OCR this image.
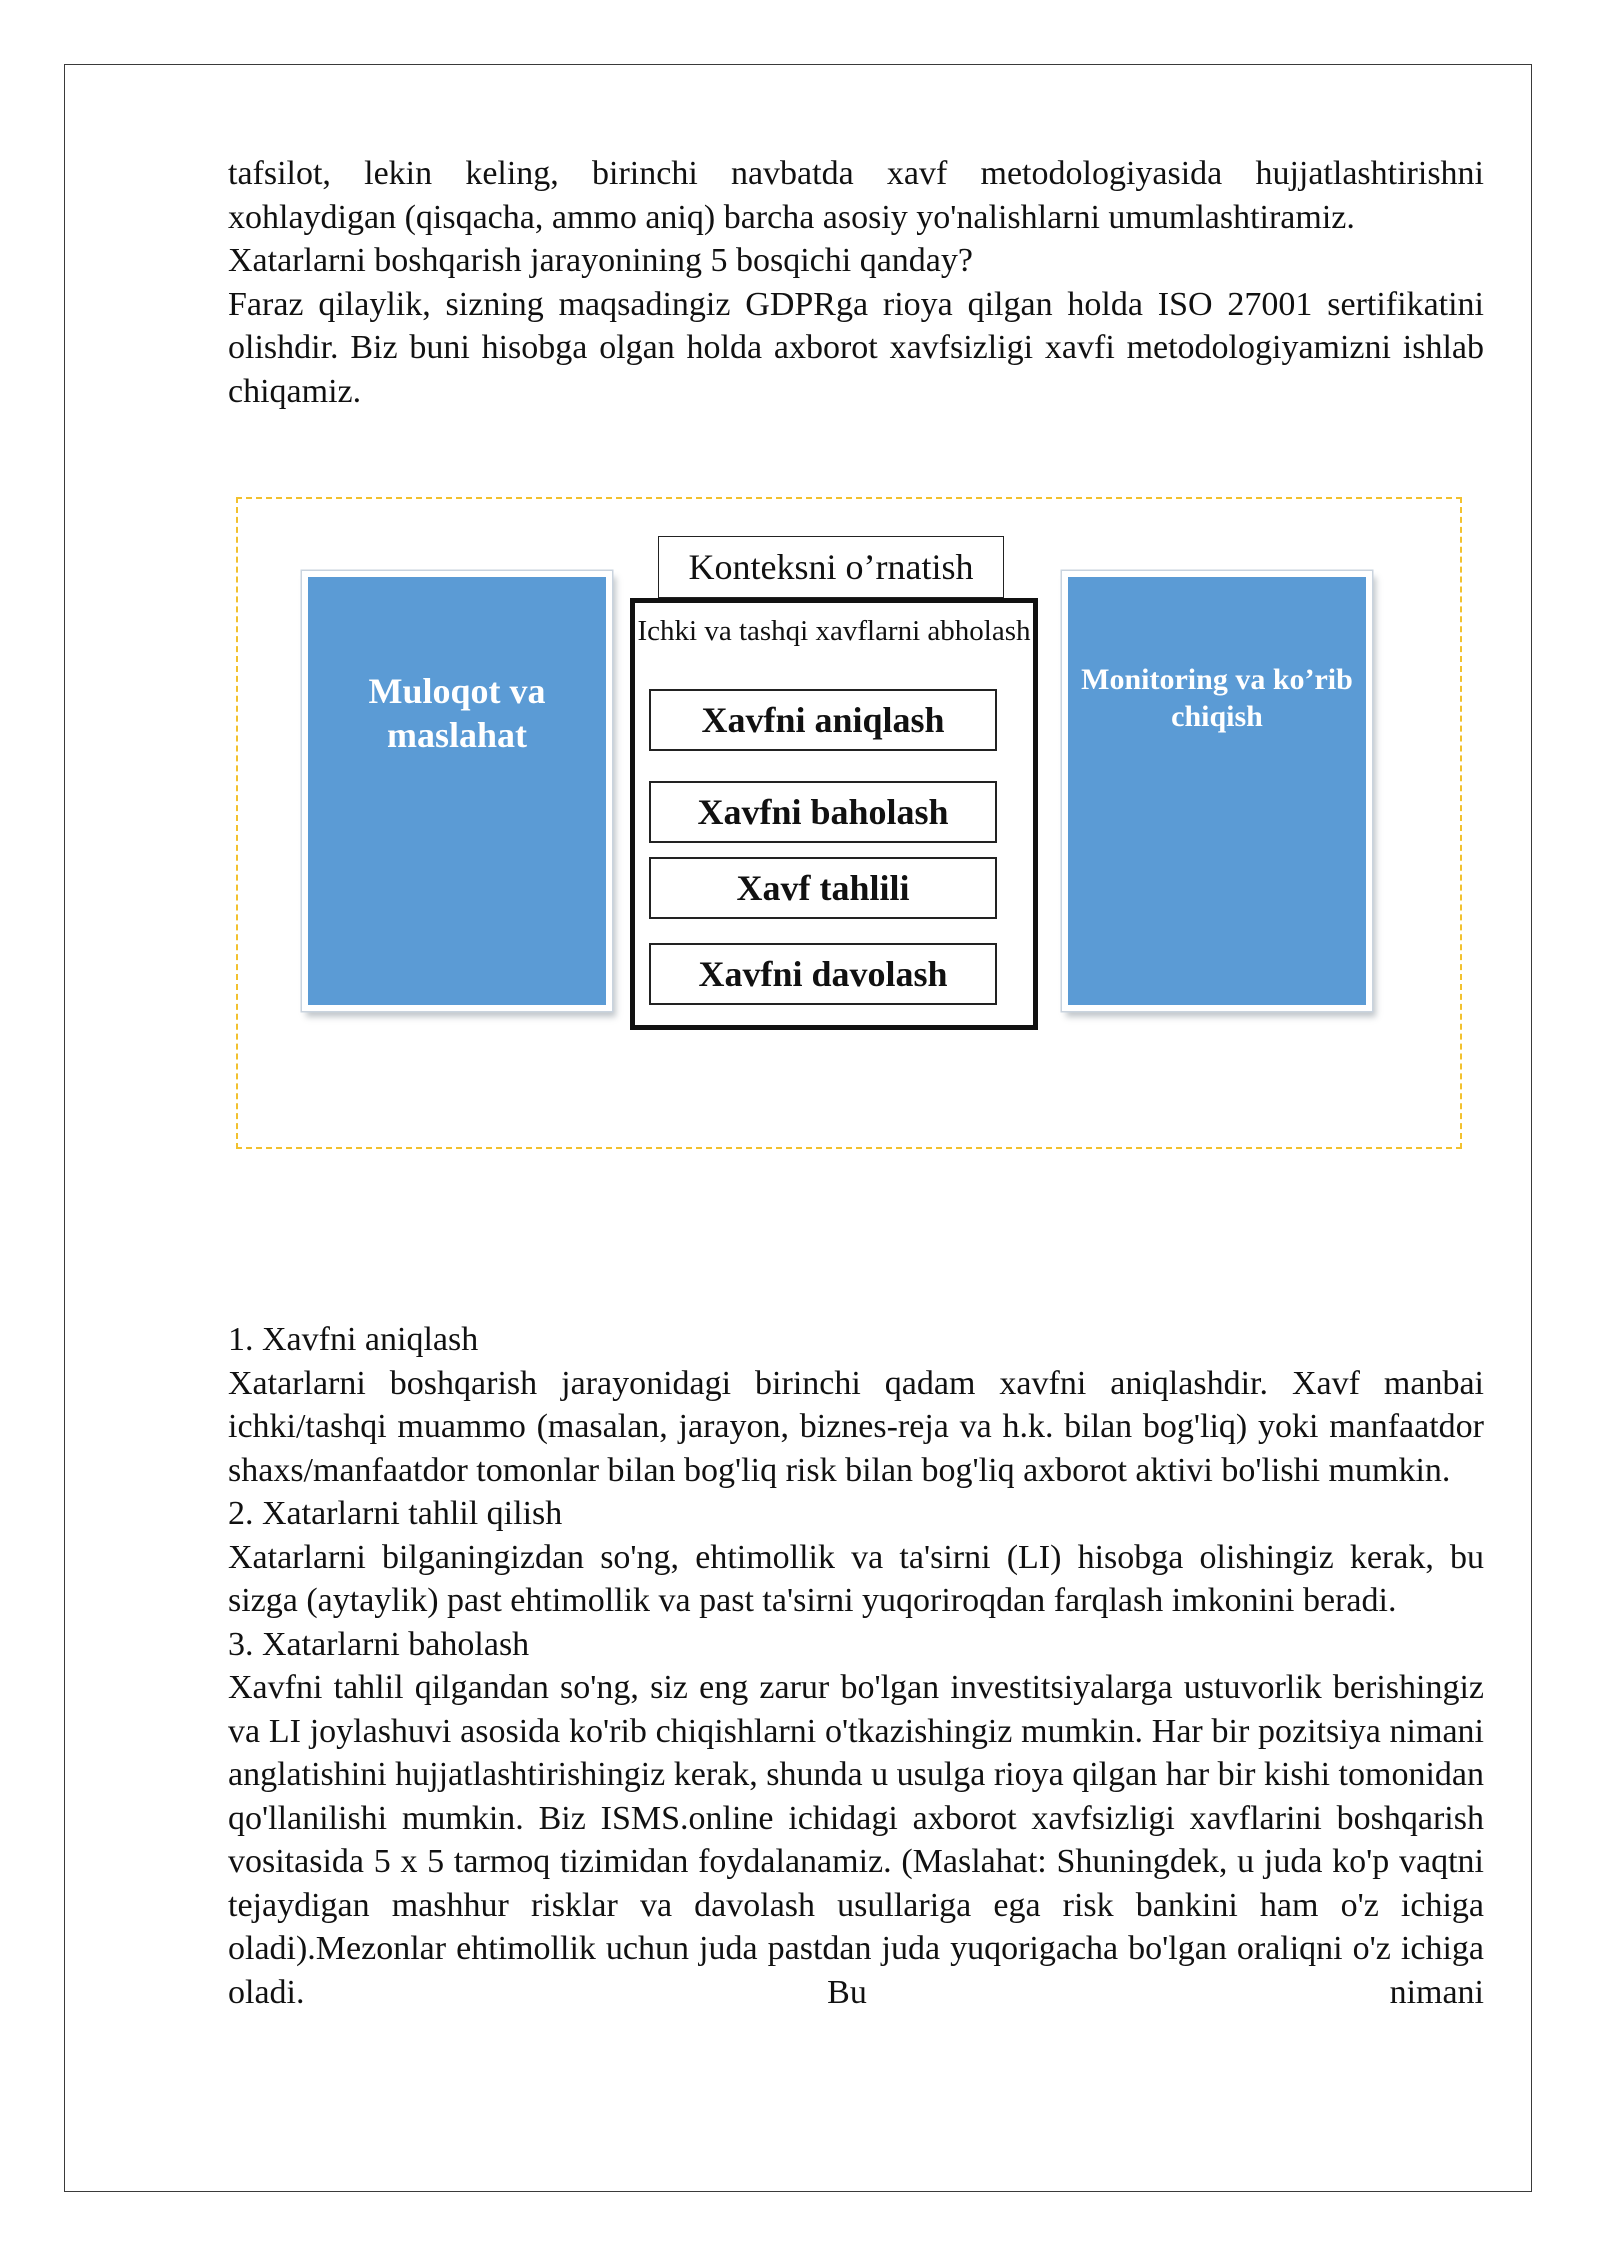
tafsilot, lekin keling, birinchi navbatda xavf metodologiyasida hujjatlashtirishni xohlaydigan (qisqacha, ammo aniq) barcha asosiy yo'nalishlarni umumlashtiramiz.

Xatarlarni boshqarish jarayonining 5 bosqichi qanday?

Faraz qilaylik, sizning maqsadingiz GDPRga rioya qilgan holda ISO 27001 sertifikatini olishdir. Biz buni hisobga olgan holda axborot xavfsizligi xavfi metodologiyamizni ishlab chiqamiz.

Muloqot va maslahat
Konteksni o’rnatish
Ichki va tashqi xavflarni abholash
Xavfni aniqlash
Xavfni baholash
Xavf tahlili
Xavfni davolash
Monitoring va ko’rib chiqish

1. Xavfni aniqlash

Xatarlarni boshqarish jarayonidagi birinchi qadam xavfni aniqlashdir. Xavf manbai ichki/tashqi muammo (masalan, jarayon, biznes-reja va h.k. bilan bog'liq) yoki manfaatdor shaxs/manfaatdor tomonlar bilan bog'liq risk bilan bog'liq axborot aktivi bo'lishi mumkin.

2. Xatarlarni tahlil qilish

Xatarlarni bilganingizdan so'ng, ehtimollik va ta'sirni (LI) hisobga olishingiz kerak, bu sizga (aytaylik) past ehtimollik va past ta'sirni yuqoriroqdan farqlash imkonini beradi.

3. Xatarlarni baholash

Xavfni tahlil qilgandan so'ng, siz eng zarur bo'lgan investitsiyalarga ustuvorlik berishingiz va LI joylashuvi asosida ko'rib chiqishlarni o'tkazishingiz mumkin. Har bir pozitsiya nimani anglatishini hujjatlashtirishingiz kerak, shunda u usulga rioya qilgan har bir kishi tomonidan qo'llanilishi mumkin. Biz ISMS.online ichidagi axborot xavfsizligi xavflarini boshqarish vositasida 5 x 5 tarmoq tizimidan foydalanamiz. (Maslahat: Shuningdek, u juda ko'p vaqtni tejaydigan mashhur risklar va davolash usullariga ega risk bankini ham o'z ichiga oladi).Mezonlar ehtimollik uchun juda pastdan juda yuqorigacha bo'lgan oraliqni o'z ichiga oladi. Bu nimani
